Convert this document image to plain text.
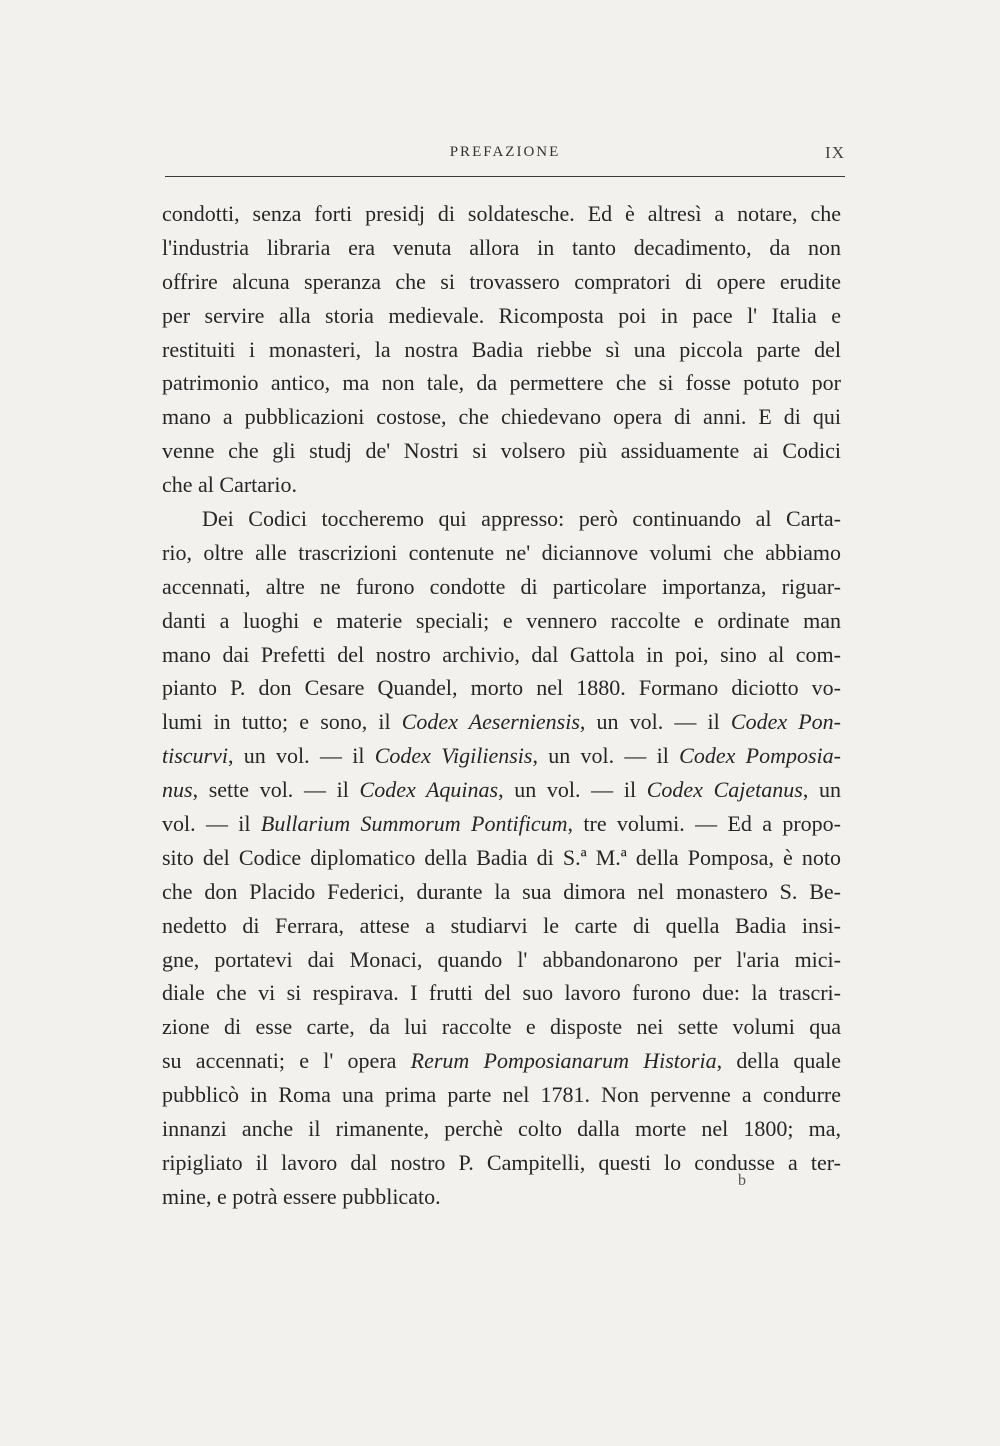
PREFAZIONE	IX
condotti, senza forti presidj di soldatesche. Ed è altresì a notare, che
l'industria libraria era venuta allora in tanto decadimento, da non
offrire alcuna speranza che si trovassero compratori di opere erudite
per servire alla storia medievale. Ricomposta poi in pace l' Italia e
restituiti i monasteri, la nostra Badia riebbe sì una piccola parte del
patrimonio antico, ma non tale, da permettere che si fosse potuto por
mano a pubblicazioni costose, che chiedevano opera di anni. E di qui
venne che gli studj de' Nostri si volsero più assiduamente ai Codici
che al Cartario.
Dei Codici toccheremo qui appresso: però continuando al Carta-
rio, oltre alle trascrizioni contenute ne' diciannove volumi che abbiamo
accennati, altre ne furono condotte di particolare importanza, riguar-
danti a luoghi e materie speciali; e vennero raccolte e ordinate man
mano dai Prefetti del nostro archivio, dal Gattola in poi, sino al com-
pianto P. don Cesare Quandel, morto nel 1880. Formano diciotto vo-
lumi in tutto; e sono, il Codex Aeserniensis, un vol. — il Codex Pon-
tiscurvi, un vol. — il Codex Vigiliensis, un vol. — il Codex Pomposia-
nus, sette vol. — il Codex Aquinas, un vol. — il Codex Cajetanus, un
vol. — il Bullarium Summorum Pontificum, tre volumi. — Ed a propo-
sito del Codice diplomatico della Badia di S.ª M.ª della Pomposa, è noto
che don Placido Federici, durante la sua dimora nel monastero S. Be-
nedetto di Ferrara, attese a studiarvi le carte di quella Badia insi-
gne, portatevi dai Monaci, quando l' abbandonarono per l'aria mici-
diale che vi si respirava. I frutti del suo lavoro furono due: la trascri-
zione di esse carte, da lui raccolte e disposte nei sette volumi qua
su accennati; e l' opera Rerum Pomposianarum Historia, della quale
pubblicò in Roma una prima parte nel 1781. Non pervenne a condurre
innanzi anche il rimanente, perchè colto dalla morte nel 1800; ma,
ripigliato il lavoro dal nostro P. Campitelli, questi lo condusse a ter-
mine, e potrà essere pubblicato.
b
